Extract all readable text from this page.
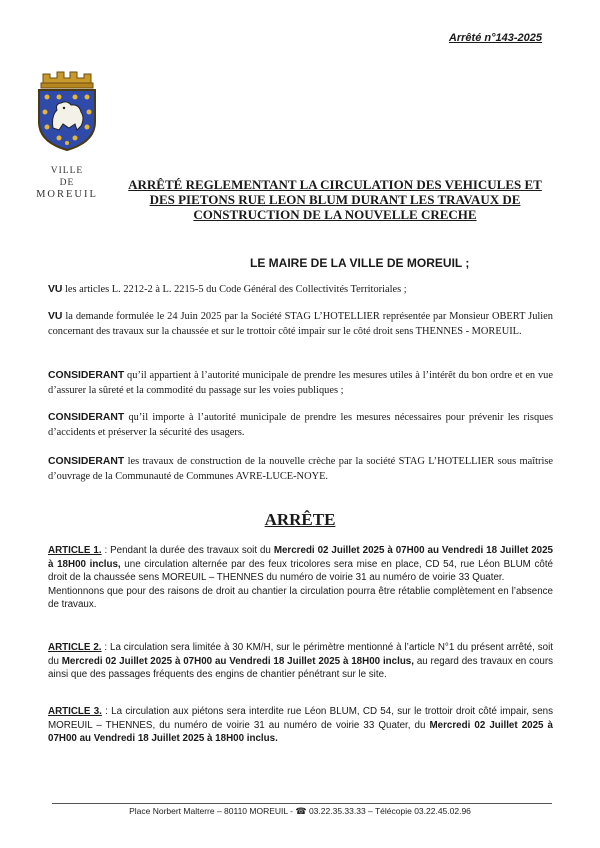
Arrêté n°143-2025
VILLE
DE
MOREUIL
ARRÊTÉ REGLEMENTANT LA CIRCULATION DES VEHICULES ET DES PIETONS RUE LEON BLUM DURANT LES TRAVAUX DE CONSTRUCTION DE LA NOUVELLE CRECHE
LE MAIRE DE LA VILLE DE MOREUIL ;
VU les articles L. 2212-2 à L. 2215-5 du Code Général des Collectivités Territoriales ;
VU la demande formulée le 24 Juin 2025 par la Société STAG L’HOTELLIER représentée par Monsieur OBERT Julien concernant des travaux sur la chaussée et sur le trottoir côté impair sur le côté droit sens THENNES - MOREUIL.
CONSIDERANT qu’il appartient à l’autorité municipale de prendre les mesures utiles à l’intérêt du bon ordre et en vue d’assurer la sûreté et la commodité du passage sur les voies publiques ;
CONSIDERANT qu’il importe à l’autorité municipale de prendre les mesures nécessaires pour prévenir les risques d’accidents et préserver la sécurité des usagers.
CONSIDERANT les travaux de construction de la nouvelle crèche par la société STAG L’HOTELLIER sous maîtrise d’ouvrage de la Communauté de Communes AVRE-LUCE-NOYE.
ARRÊTE
ARTICLE 1. : Pendant la durée des travaux soit du Mercredi 02 Juillet 2025 à 07H00 au Vendredi 18 Juillet 2025 à 18H00 inclus, une circulation alternée par des feux tricolores sera mise en place, CD 54, rue Léon BLUM côté droit de la chaussée sens MOREUIL – THENNES du numéro de voirie 31 au numéro de voirie 33 Quater.
Mentionnons que pour des raisons de droit au chantier la circulation pourra être rétablie complètement en l’absence de travaux.
ARTICLE 2. : La circulation sera limitée à 30 KM/H, sur le périmètre mentionné à l’article N°1 du présent arrêté, soit du Mercredi 02 Juillet 2025 à 07H00 au Vendredi 18 Juillet 2025 à 18H00 inclus, au regard des travaux en cours ainsi que des passages fréquents des engins de chantier pénétrant sur le site.
ARTICLE 3. : La circulation aux piétons sera interdite rue Léon BLUM, CD 54, sur le trottoir droit côté impair, sens MOREUIL – THENNES, du numéro de voirie 31 au numéro de voirie 33 Quater, du Mercredi 02 Juillet 2025 à 07H00 au Vendredi 18 Juillet 2025 à 18H00 inclus.
Place Norbert Malterre – 80110 MOREUIL - ☎ 03.22.35.33.33 – Télécopie 03.22.45.02.96
